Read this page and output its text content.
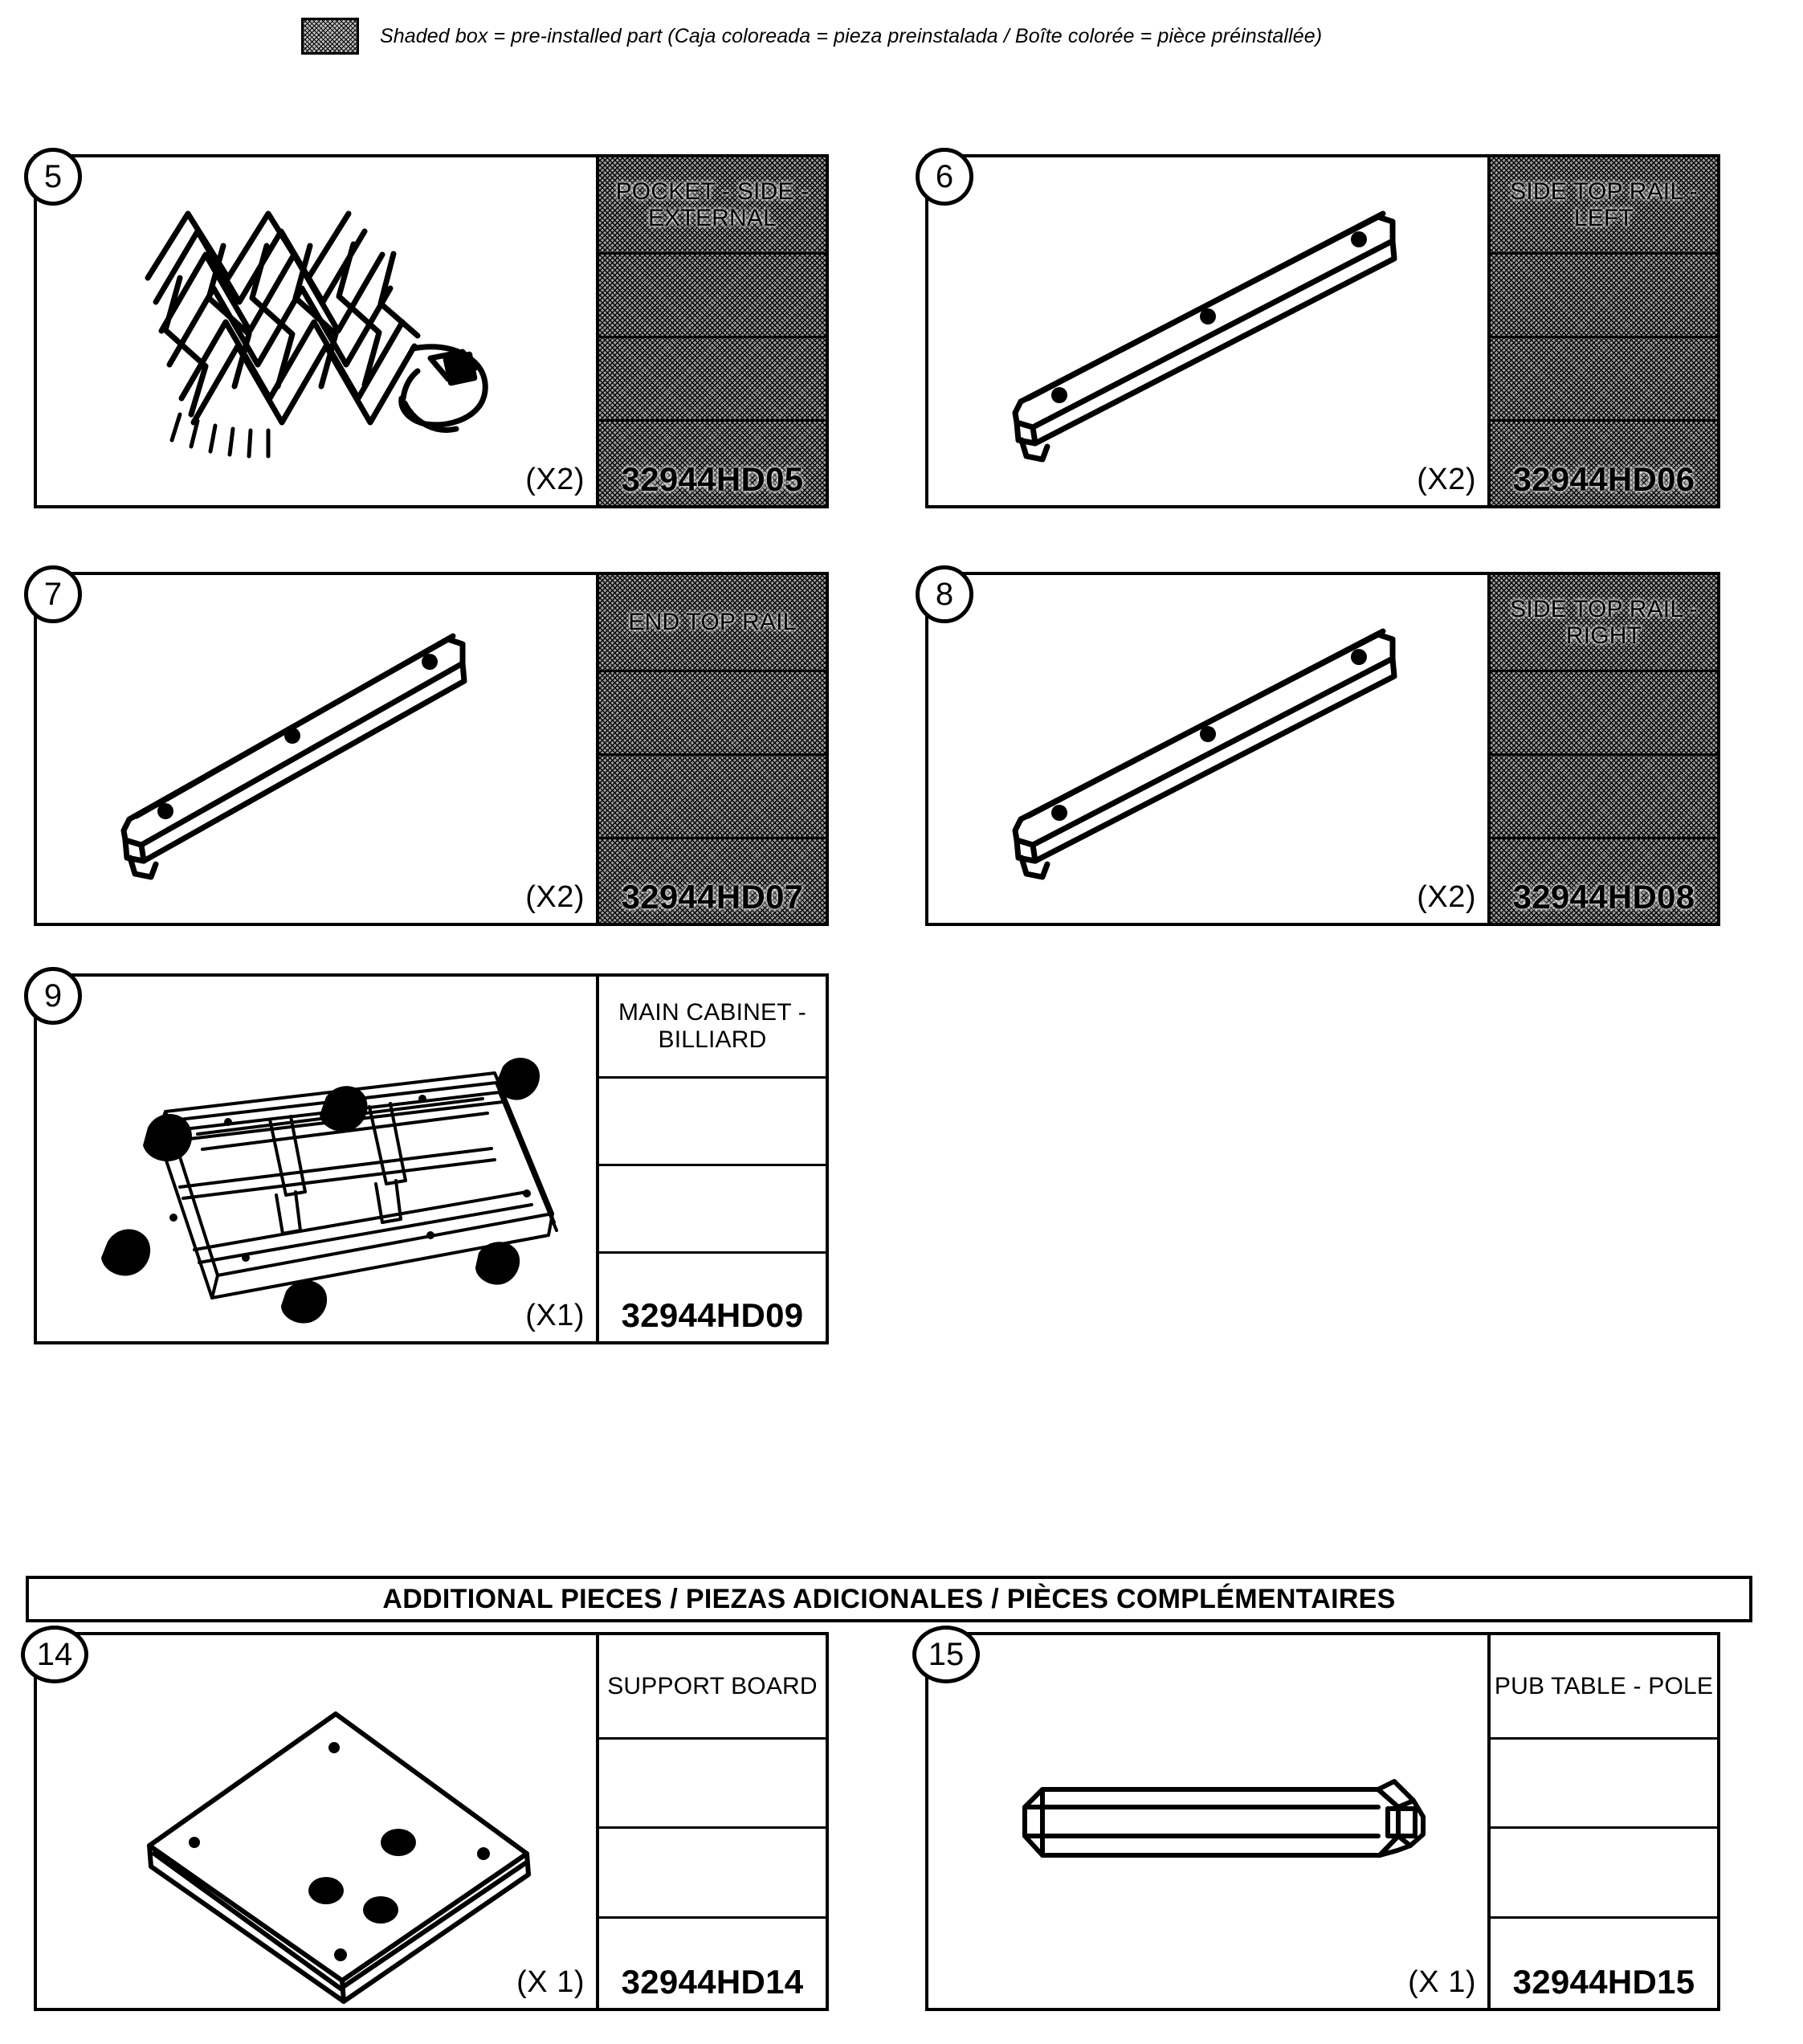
Shaded box = pre-installed part (Caja coloreada = pieza preinstalada / Boîte colorée = pièce préinstallée)
POCKET - SIDE - EXTERNAL
32944HD05
(X2)
5	SIDE TOP RAIL - LEFT
32944HD06
(X2)
6
END TOP RAIL
32944HD07
(X2)
7	SIDE TOP RAIL - RIGHT
32944HD08
(X2)
8
MAIN CABINET - BILLIARD
32944HD09
(X1)
9
ADDITIONAL PIECES / PIEZAS ADICIONALES / PIÈCES COMPLÉMENTAIRES
SUPPORT BOARD
32944HD14
(X 1)
14
PUB TABLE - POLE
32944HD15
(X 1)
15
